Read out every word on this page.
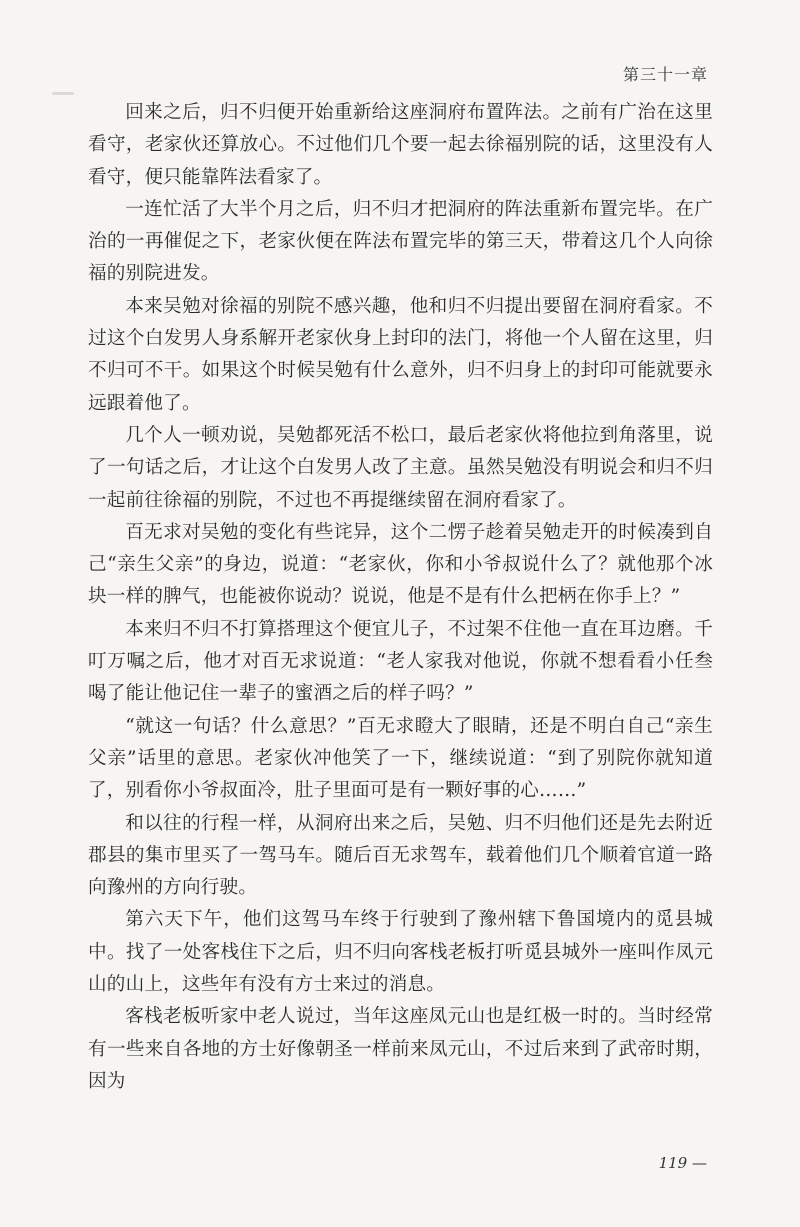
第三十一章

回来之后，归不归便开始重新给这座洞府布置阵法。之前有广治在这里看守，老家伙还算放心。不过他们几个要一起去徐福别院的话，这里没有人看守，便只能靠阵法看家了。

一连忙活了大半个月之后，归不归才把洞府的阵法重新布置完毕。在广治的一再催促之下，老家伙便在阵法布置完毕的第三天，带着这几个人向徐福的别院进发。

本来吴勉对徐福的别院不感兴趣，他和归不归提出要留在洞府看家。不过这个白发男人身系解开老家伙身上封印的法门，将他一个人留在这里，归不归可不干。如果这个时候吴勉有什么意外，归不归身上的封印可能就要永远跟着他了。

几个人一顿劝说，吴勉都死活不松口，最后老家伙将他拉到角落里，说了一句话之后，才让这个白发男人改了主意。虽然吴勉没有明说会和归不归一起前往徐福的别院，不过也不再提继续留在洞府看家了。

百无求对吴勉的变化有些诧异，这个二愣子趁着吴勉走开的时候凑到自己“亲生父亲”的身边，说道：“老家伙，你和小爷叔说什么了？就他那个冰块一样的脾气，也能被你说动？说说，他是不是有什么把柄在你手上？”

本来归不归不打算搭理这个便宜儿子，不过架不住他一直在耳边磨。千叮万嘱之后，他才对百无求说道：“老人家我对他说，你就不想看看小任叁喝了能让他记住一辈子的蜜酒之后的样子吗？”

“就这一句话？什么意思？”百无求瞪大了眼睛，还是不明白自己“亲生父亲”话里的意思。老家伙冲他笑了一下，继续说道：“到了别院你就知道了，别看你小爷叔面冷，肚子里面可是有一颗好事的心……”

和以往的行程一样，从洞府出来之后，吴勉、归不归他们还是先去附近郡县的集市里买了一驾马车。随后百无求驾车，载着他们几个顺着官道一路向豫州的方向行驶。

第六天下午，他们这驾马车终于行驶到了豫州辖下鲁国境内的觅县城中。找了一处客栈住下之后，归不归向客栈老板打听觅县城外一座叫作凤元山的山上，这些年有没有方士来过的消息。

客栈老板听家中老人说过，当年这座凤元山也是红极一时的。当时经常有一些来自各地的方士好像朝圣一样前来凤元山，不过后来到了武帝时期，因为

119 —
